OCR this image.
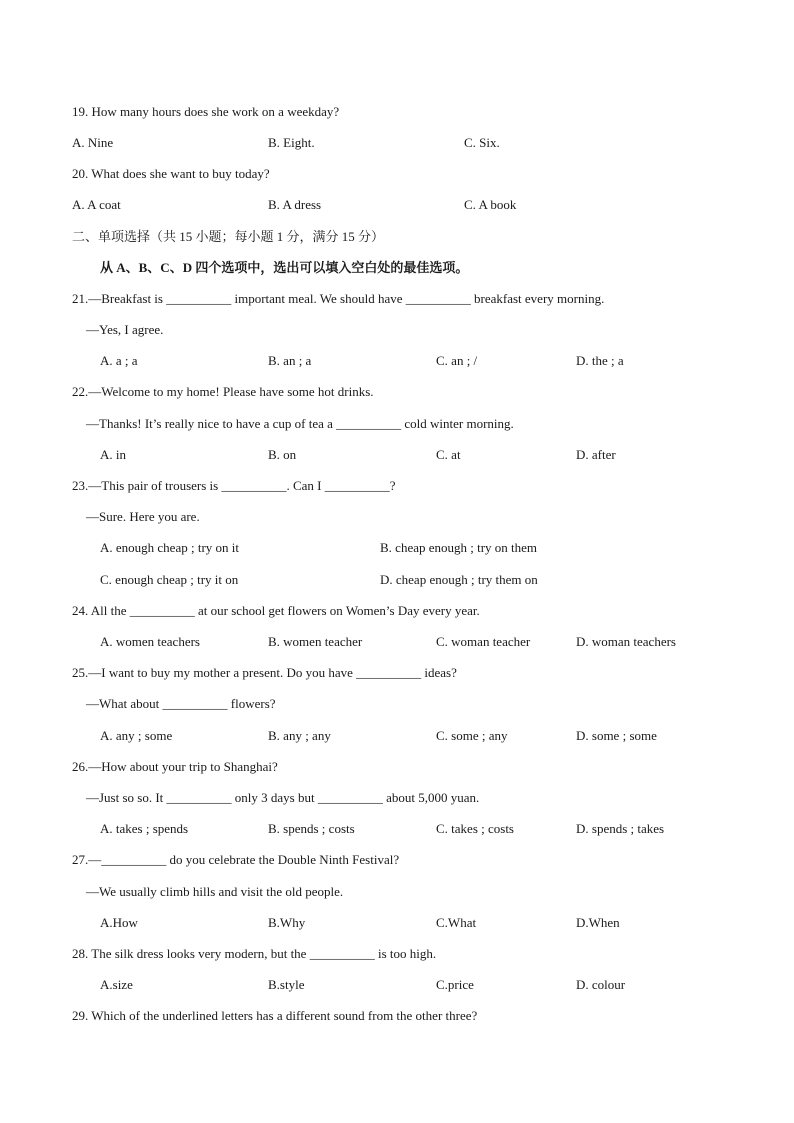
19. How many hours does she work on a weekday?
A. Nine	B. Eight.	C. Six.
20. What does she want to buy today?
A. A coat	B. A dress	C. A book
二、单项选择（共 15 小题；每小题 1 分，满分 15 分）
从 A、B、C、D 四个选项中，选出可以填入空白处的最佳选项。
21.—Breakfast is __________ important meal. We should have __________ breakfast every morning.
—Yes, I agree.
A. a ; a	B. an ; a	C. an ; /	D. the ; a
22.—Welcome to my home! Please have some hot drinks.
—Thanks! It’s really nice to have a cup of tea a __________ cold winter morning.
A. in	B. on	C. at	D. after
23.—This pair of trousers is __________. Can I __________?
—Sure. Here you are.
A. enough cheap ; try on it	B. cheap enough ; try on them
C. enough cheap ; try it on	D. cheap enough ; try them on
24. All the __________ at our school get flowers on Women’s Day every year.
A. women teachers	B. women teacher	C. woman teacher	D. woman teachers
25.—I want to buy my mother a present. Do you have __________ ideas?
—What about __________ flowers?
A. any ; some	B. any ; any	C. some ; any	D. some ; some
26.—How about your trip to Shanghai?
—Just so so. It __________ only 3 days but __________ about 5,000 yuan.
A. takes ; spends	B. spends ; costs	C. takes ; costs	D. spends ; takes
27.—__________ do you celebrate the Double Ninth Festival?
—We usually climb hills and visit the old people.
A.How	B.Why	C.What	D.When
28. The silk dress looks very modern, but the __________ is too high.
A.size	B.style	C.price	D. colour
29. Which of the underlined letters has a different sound from the other three?
